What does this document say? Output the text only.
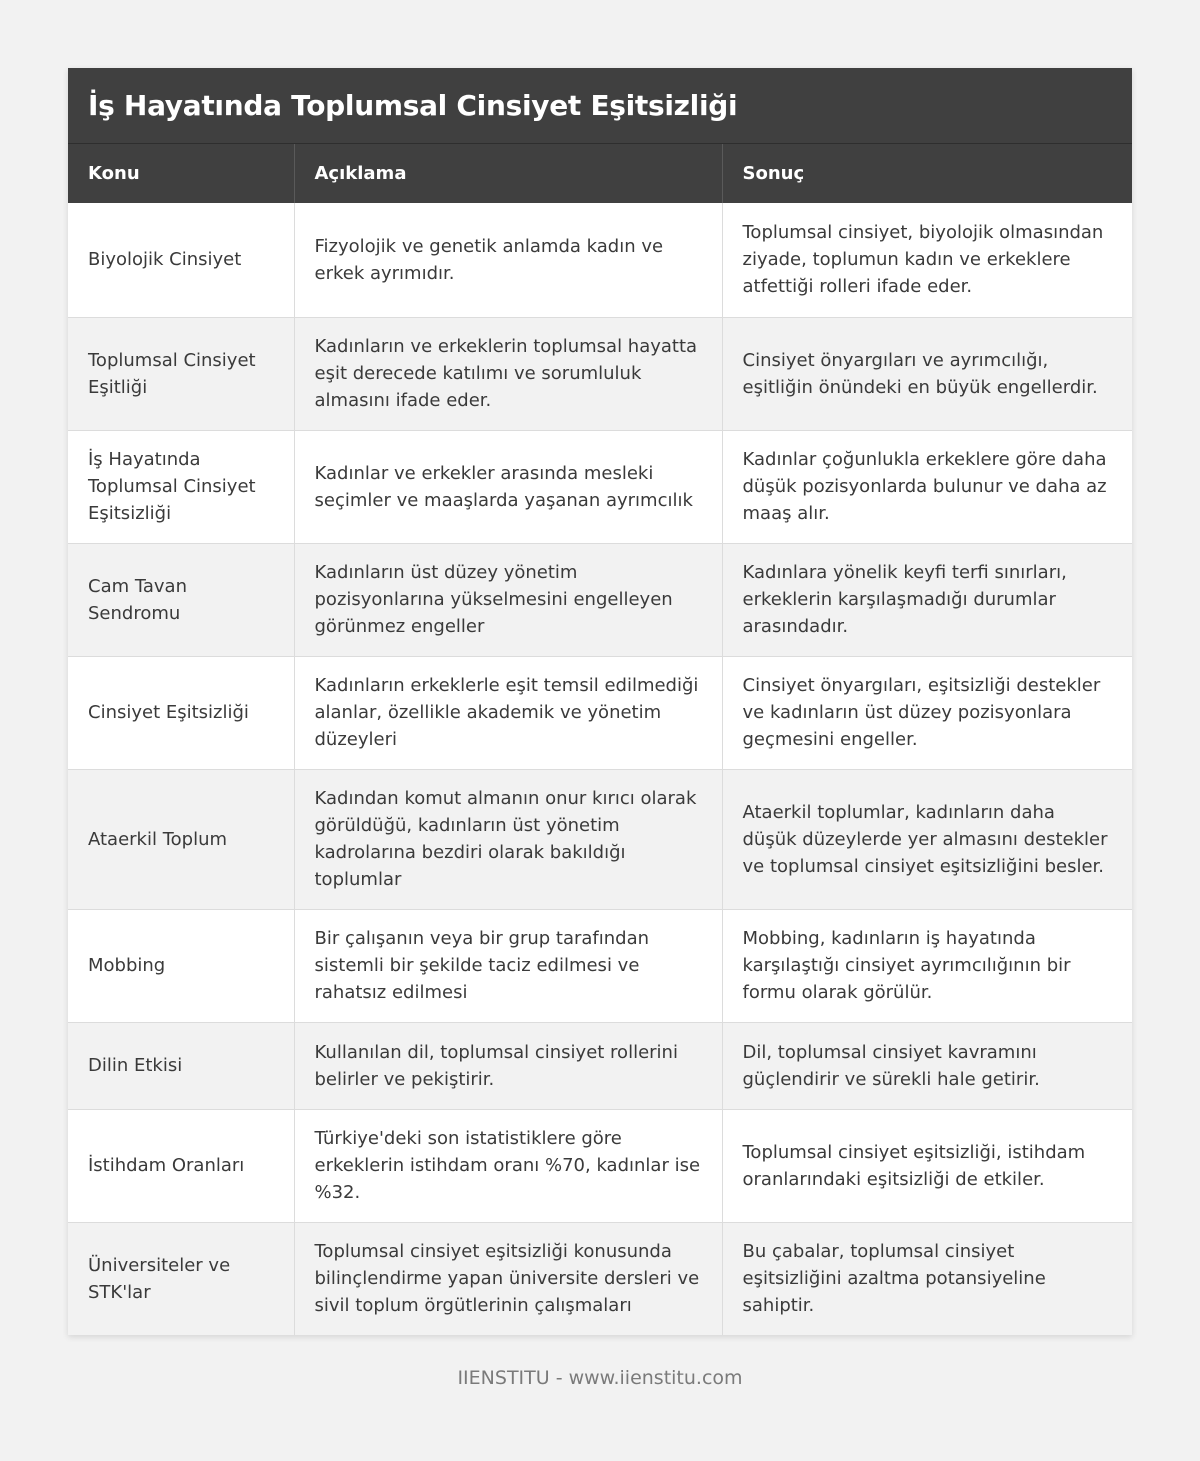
İş Hayatında Toplumsal Cinsiyet Eşitsizliği
Konu	Açıklama	Sonuç
Biyolojik Cinsiyet	Fizyolojik ve genetik anlamda kadın ve erkek ayrımıdır.	Toplumsal cinsiyet, biyolojik olmasından ziyade, toplumun kadın ve erkeklere atfettiği rolleri ifade eder.
Toplumsal Cinsiyet Eşitliği	Kadınların ve erkeklerin toplumsal hayatta eşit derecede katılımı ve sorumluluk almasını ifade eder.	Cinsiyet önyargıları ve ayrımcılığı, eşitliğin önündeki en büyük engellerdir.
İş Hayatında Toplumsal Cinsiyet Eşitsizliği	Kadınlar ve erkekler arasında mesleki seçimler ve maaşlarda yaşanan ayrımcılık	Kadınlar çoğunlukla erkeklere göre daha düşük pozisyonlarda bulunur ve daha az maaş alır.
Cam Tavan Sendromu	Kadınların üst düzey yönetim pozisyonlarına yükselmesini engelleyen görünmez engeller	Kadınlara yönelik keyfi terfi sınırları, erkeklerin karşılaşmadığı durumlar arasındadır.
Cinsiyet Eşitsizliği	Kadınların erkeklerle eşit temsil edilmediği alanlar, özellikle akademik ve yönetim düzeyleri	Cinsiyet önyargıları, eşitsizliği destekler ve kadınların üst düzey pozisyonlara geçmesini engeller.
Ataerkil Toplum	Kadından komut almanın onur kırıcı olarak görüldüğü, kadınların üst yönetim kadrolarına bezdiri olarak bakıldığı toplumlar	Ataerkil toplumlar, kadınların daha düşük düzeylerde yer almasını destekler ve toplumsal cinsiyet eşitsizliğini besler.
Mobbing	Bir çalışanın veya bir grup tarafından sistemli bir şekilde taciz edilmesi ve rahatsız edilmesi	Mobbing, kadınların iş hayatında karşılaştığı cinsiyet ayrımcılığının bir formu olarak görülür.
Dilin Etkisi	Kullanılan dil, toplumsal cinsiyet rollerini belirler ve pekiştirir.	Dil, toplumsal cinsiyet kavramını güçlendirir ve sürekli hale getirir.
İstihdam Oranları	Türkiye'deki son istatistiklere göre erkeklerin istihdam oranı %70, kadınlar ise %32.	Toplumsal cinsiyet eşitsizliği, istihdam oranlarındaki eşitsizliği de etkiler.
Üniversiteler ve STK'lar	Toplumsal cinsiyet eşitsizliği konusunda bilinçlendirme yapan üniversite dersleri ve sivil toplum örgütlerinin çalışmaları	Bu çabalar, toplumsal cinsiyet eşitsizliğini azaltma potansiyeline sahiptir.
IIENSTITU - www.iienstitu.com
